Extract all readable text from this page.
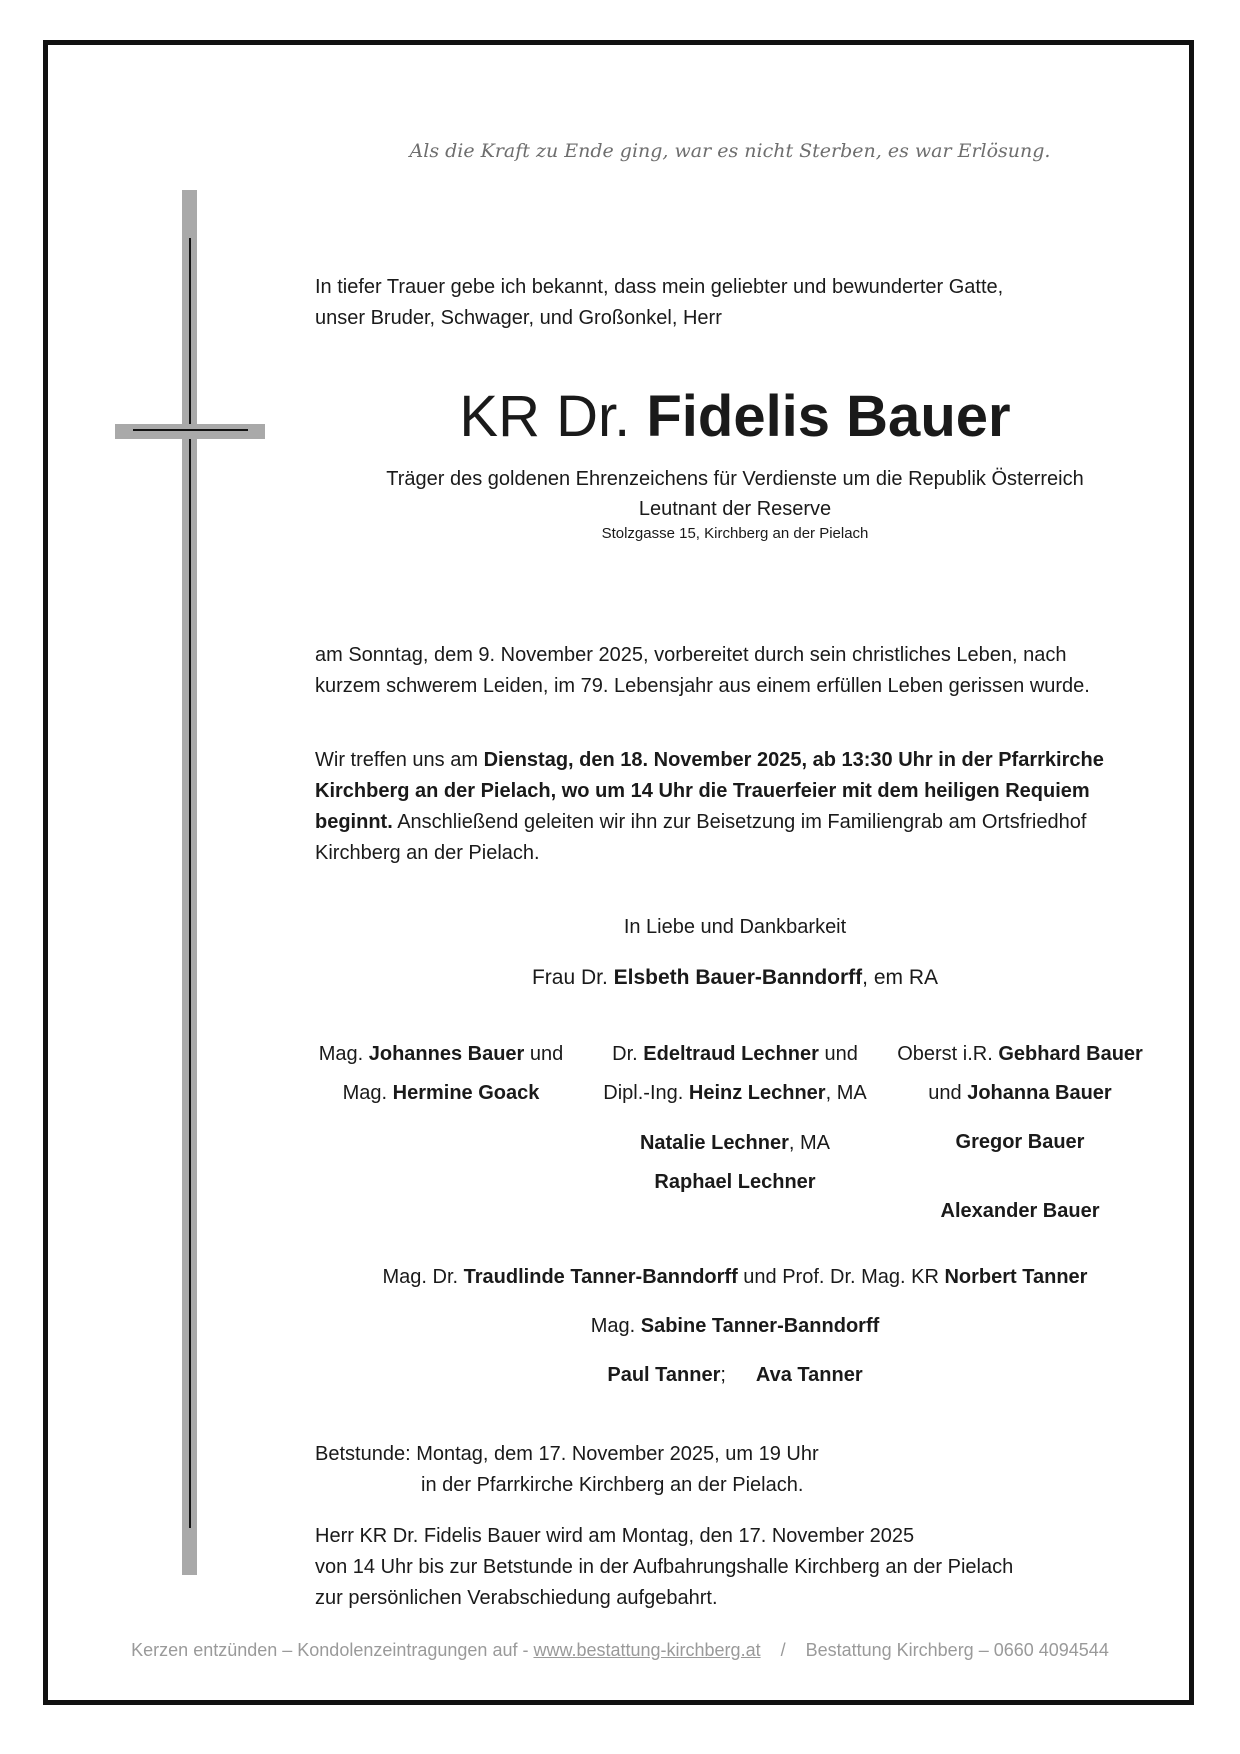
Als die Kraft zu Ende ging, war es nicht Sterben, es war Erlösung.
In tiefer Trauer gebe ich bekannt, dass mein geliebter und bewunderter Gatte,
unser Bruder, Schwager, und Großonkel, Herr
KR Dr. Fidelis Bauer
Träger des goldenen Ehrenzeichens für Verdienste um die Republik Österreich
Leutnant der Reserve
Stolzgasse 15, Kirchberg an der Pielach
am Sonntag, dem 9. November 2025, vorbereitet durch sein christliches Leben, nach
kurzem schwerem Leiden, im 79. Lebensjahr aus einem erfüllen Leben gerissen wurde.
Wir treffen uns am Dienstag, den 18. November 2025, ab 13:30 Uhr in der Pfarrkirche
Kirchberg an der Pielach, wo um 14 Uhr die Trauerfeier mit dem heiligen Requiem
beginnt. Anschließend geleiten wir ihn zur Beisetzung im Familiengrab am Ortsfriedhof
Kirchberg an der Pielach.
In Liebe und Dankbarkeit
Frau Dr. Elsbeth Bauer-Banndorff, em RA
Mag. Johannes Bauer und
Mag. Hermine Goack
Dr. Edeltraud Lechner und
Dipl.-Ing. Heinz Lechner, MA
Natalie Lechner, MA
Raphael Lechner
Oberst i.R. Gebhard Bauer
und Johanna Bauer
Gregor Bauer
Alexander Bauer
Mag. Dr. Traudlinde Tanner-Banndorff und Prof. Dr. Mag. KR Norbert Tanner
Mag. Sabine Tanner-Banndorff
Paul Tanner; Ava Tanner
Betstunde: Montag, dem 17. November 2025, um 19 Uhr
in der Pfarrkirche Kirchberg an der Pielach.
Herr KR Dr. Fidelis Bauer wird am Montag, den 17. November 2025
von 14 Uhr bis zur Betstunde in der Aufbahrungshalle Kirchberg an der Pielach
zur persönlichen Verabschiedung aufgebahrt.
Kerzen entzünden – Kondolenzeintragungen auf - www.bestattung-kirchberg.at / Bestattung Kirchberg – 0660 4094544
